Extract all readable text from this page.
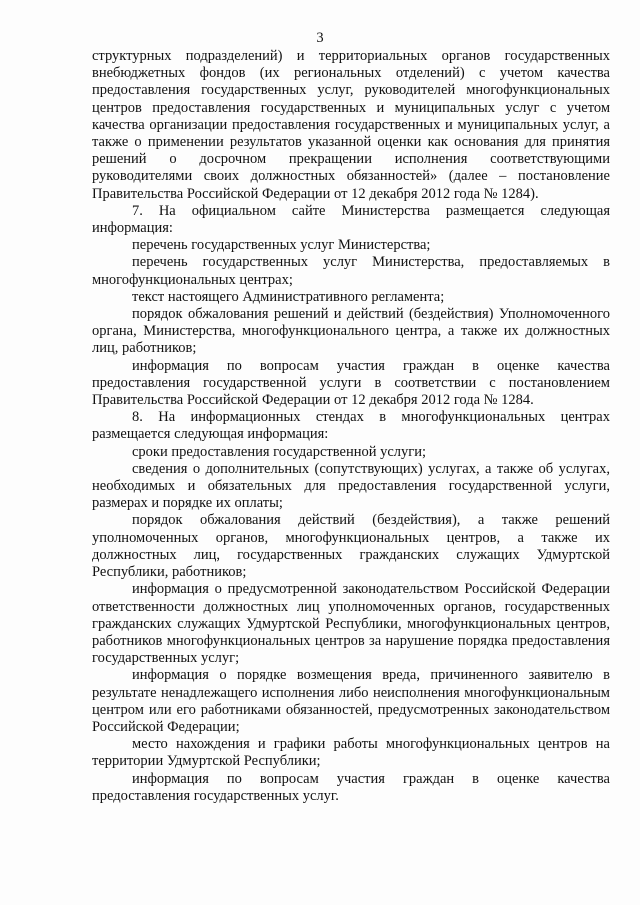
3

структурных подразделений) и территориальных органов государственных внебюджетных фондов (их региональных отделений) с учетом качества предоставления государственных услуг, руководителей многофункциональных центров предоставления государственных и муниципальных услуг с учетом качества организации предоставления государственных и муниципальных услуг, а также о применении результатов указанной оценки как основания для принятия решений о досрочном прекращении исполнения соответствующими руководителями своих должностных обязанностей» (далее – постановление Правительства Российской Федерации от 12 декабря 2012 года № 1284).

7. На официальном сайте Министерства размещается следующая информация:

перечень государственных услуг Министерства;

перечень государственных услуг Министерства, предоставляемых в многофункциональных центрах;

текст настоящего Административного регламента;

порядок обжалования решений и действий (бездействия) Уполномоченного органа, Министерства, многофункционального центра, а также их должностных лиц, работников;

информация по вопросам участия граждан в оценке качества предоставления государственной услуги в соответствии с постановлением Правительства Российской Федерации от 12 декабря 2012 года № 1284.

8. На информационных стендах в многофункциональных центрах размещается следующая информация:

сроки предоставления государственной услуги;

сведения о дополнительных (сопутствующих) услугах, а также об услугах, необходимых и обязательных для предоставления государственной услуги, размерах и порядке их оплаты;

порядок обжалования действий (бездействия), а также решений уполномоченных органов, многофункциональных центров, а также их должностных лиц, государственных гражданских служащих Удмуртской Республики, работников;

информация о предусмотренной законодательством Российской Федерации ответственности должностных лиц уполномоченных органов, государственных гражданских служащих Удмуртской Республики, многофункциональных центров, работников многофункциональных центров за нарушение порядка предоставления государственных услуг;

информация о порядке возмещения вреда, причиненного заявителю в результате ненадлежащего исполнения либо неисполнения многофункциональным центром или его работниками обязанностей, предусмотренных законодательством Российской Федерации;

место нахождения и графики работы многофункциональных центров на территории Удмуртской Республики;

информация по вопросам участия граждан в оценке качества предоставления государственных услуг.
